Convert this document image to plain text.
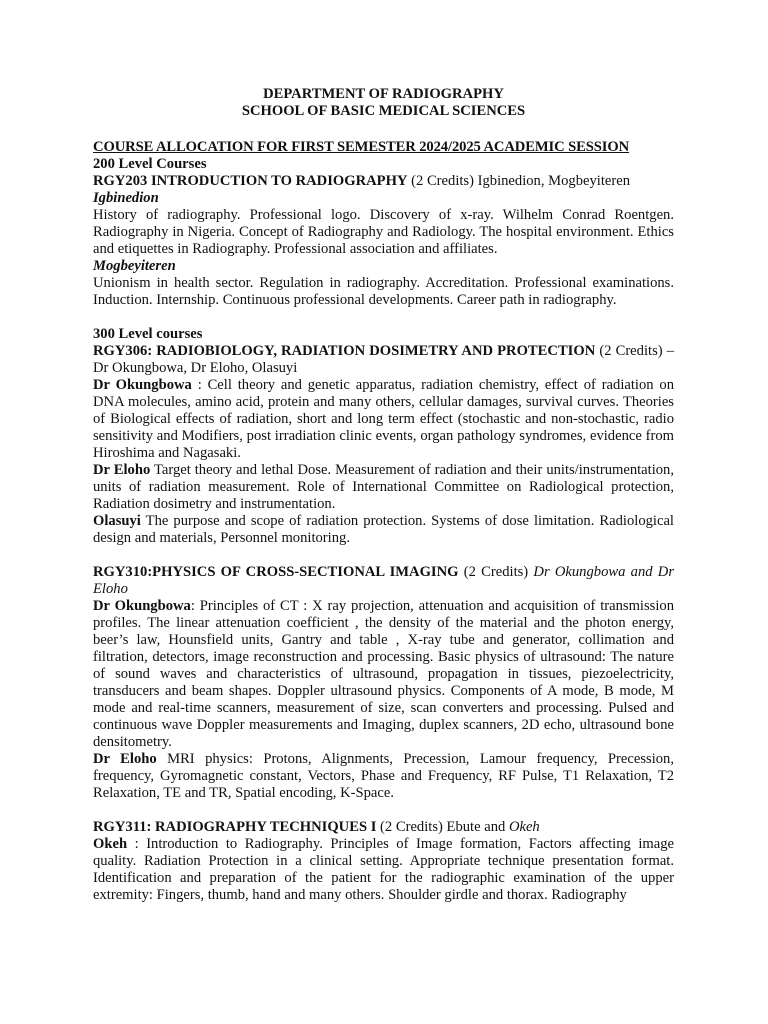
DEPARTMENT OF RADIOGRAPHY
SCHOOL OF BASIC MEDICAL SCIENCES
COURSE ALLOCATION FOR FIRST SEMESTER 2024/2025 ACADEMIC SESSION
200 Level Courses

RGY203 INTRODUCTION TO RADIOGRAPHY (2 Credits) Igbinedion, Mogbeyiteren

Igbinedion

History of radiography. Professional logo. Discovery of x-ray. Wilhelm Conrad Roentgen. Radiography in Nigeria. Concept of Radiography and Radiology. The hospital environment. Ethics and etiquettes in Radiography. Professional association and affiliates.

Mogbeyiteren

Unionism in health sector. Regulation in radiography. Accreditation. Professional examinations. Induction. Internship. Continuous professional developments. Career path in radiography.

300 Level courses

RGY306: RADIOBIOLOGY, RADIATION DOSIMETRY AND PROTECTION (2 Credits) – Dr Okungbowa, Dr Eloho, Olasuyi

Dr Okungbowa : Cell theory and genetic apparatus, radiation chemistry, effect of radiation on DNA molecules, amino acid, protein and many others, cellular damages, survival curves. Theories of Biological effects of radiation, short and long term effect (stochastic and non-stochastic, radio sensitivity and Modifiers, post irradiation clinic events, organ pathology syndromes, evidence from Hiroshima and Nagasaki.

Dr Eloho Target theory and lethal Dose. Measurement of radiation and their units/instrumentation, units of radiation measurement. Role of International Committee on Radiological protection, Radiation dosimetry and instrumentation.

Olasuyi The purpose and scope of radiation protection. Systems of dose limitation. Radiological design and materials, Personnel monitoring.

RGY310:PHYSICS OF CROSS-SECTIONAL IMAGING (2 Credits) Dr Okungbowa and Dr Eloho

Dr Okungbowa: Principles of CT : X ray projection, attenuation and acquisition of transmission profiles. The linear attenuation coefficient , the density of the material and the photon energy, beer’s law, Hounsfield units, Gantry and table , X-ray tube and generator, collimation and filtration, detectors, image reconstruction and processing. Basic physics of ultrasound: The nature of sound waves and characteristics of ultrasound, propagation in tissues, piezoelectricity, transducers and beam shapes. Doppler ultrasound physics. Components of A mode, B mode, M mode and real-time scanners, measurement of size, scan converters and processing. Pulsed and continuous wave Doppler measurements and Imaging, duplex scanners, 2D echo, ultrasound bone densitometry.

Dr Eloho MRI physics: Protons, Alignments, Precession, Lamour frequency, Precession, frequency, Gyromagnetic constant, Vectors, Phase and Frequency, RF Pulse, T1 Relaxation, T2 Relaxation, TE and TR, Spatial encoding, K-Space.

RGY311: RADIOGRAPHY TECHNIQUES I (2 Credits) Ebute and Okeh

Okeh : Introduction to Radiography. Principles of Image formation, Factors affecting image quality. Radiation Protection in a clinical setting. Appropriate technique presentation format. Identification and preparation of the patient for the radiographic examination of the upper extremity: Fingers, thumb, hand and many others. Shoulder girdle and thorax. Radiography
